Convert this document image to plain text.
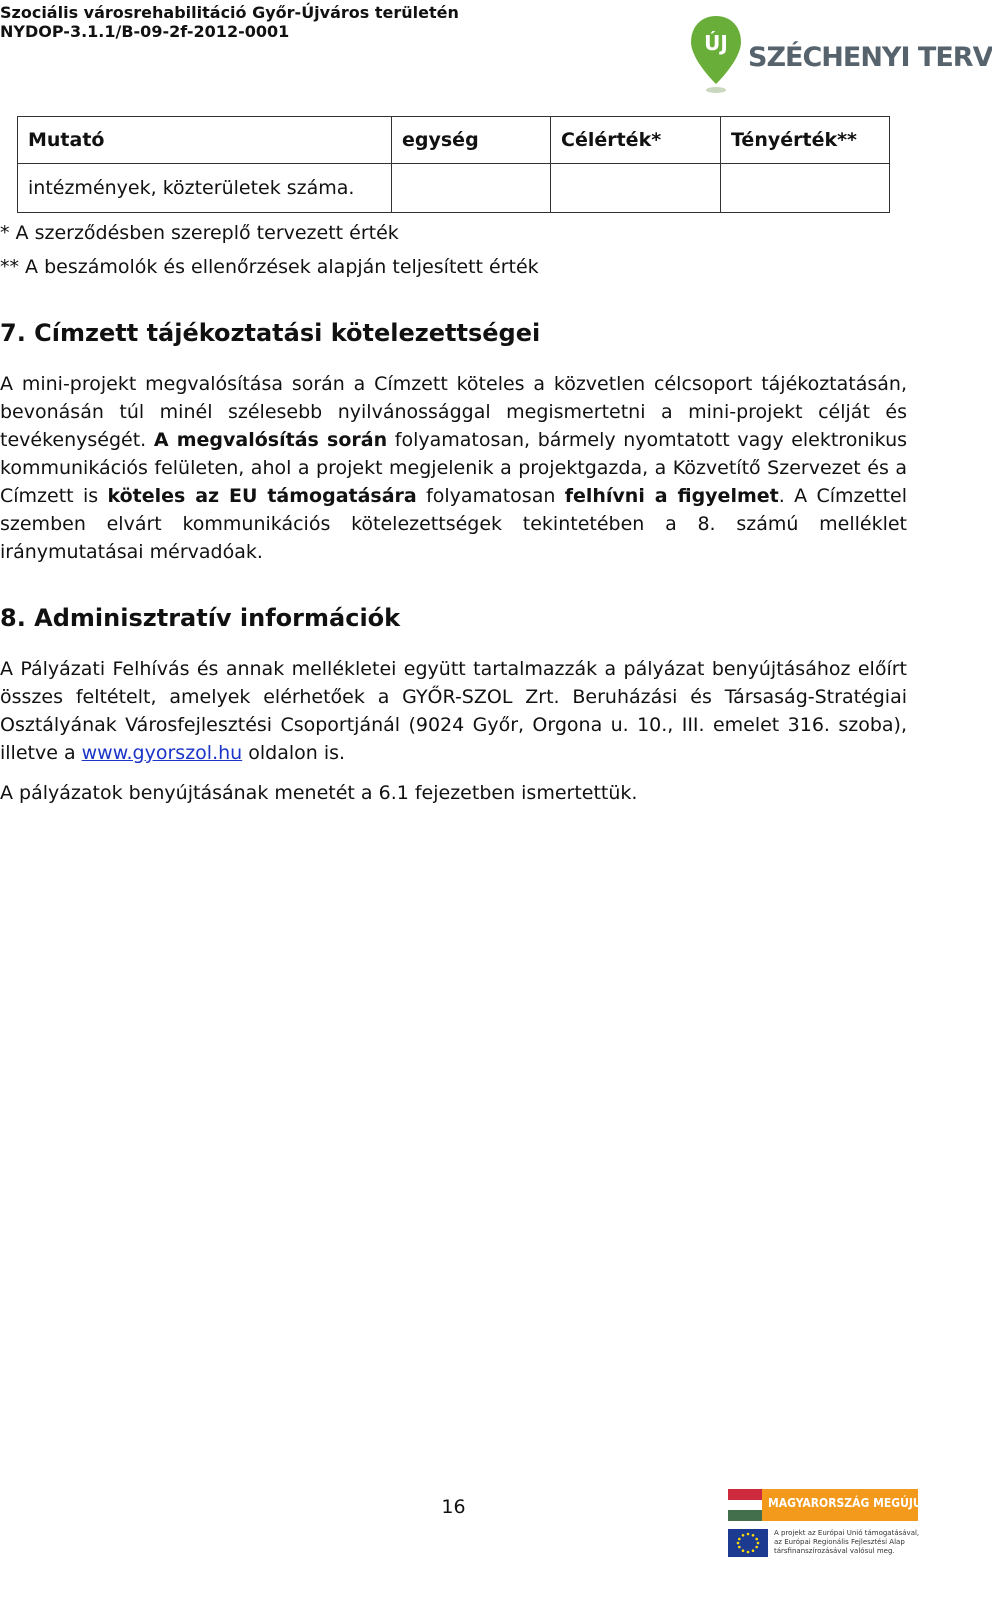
Szociális városrehabilitáció Győr-Újváros területén
NYDOP-3.1.1/B-09-2f-2012-0001	ÚJ SZÉCHENYI TERV
Mutató	egység	Célérték*	Tényérték**
intézmények, közterületek száma.			
* A szerződésben szereplő tervezett érték
** A beszámolók és ellenőrzések alapján teljesített érték
7. Címzett tájékoztatási kötelezettségei

A mini-projekt megvalósítása során a Címzett köteles a közvetlen célcsoport tájékoztatásán, bevonásán túl minél szélesebb nyilvánossággal megismertetni a mini-projekt célját és tevékenységét. A megvalósítás során folyamatosan, bármely nyomtatott vagy elektronikus kommunikációs felületen, ahol a projekt megjelenik a projektgazda, a Közvetítő Szervezet és a Címzett is köteles az EU támogatására folyamatosan felhívni a figyelmet. A Címzettel szemben elvárt kommunikációs kötelezettségek tekintetében a 8. számú melléklet iránymutatásai mérvadóak.

8. Adminisztratív információk

A Pályázati Felhívás és annak mellékletei együtt tartalmazzák a pályázat benyújtásához előírt összes feltételt, amelyek elérhetőek a GYŐR-SZOL Zrt. Beruházási és Társaság-Stratégiai Osztályának Városfejlesztési Csoportjánál (9024 Győr, Orgona u. 10., III. emelet 316. szoba), illetve a www.gyorszol.hu oldalon is.

A pályázatok benyújtásának menetét a 6.1 fejezetben ismertettük.

16	MAGYARORSZÁG MEGÚJUL
A projekt az Európai Unió támogatásával,
az Európai Regionális Fejlesztési Alap
társfinanszírozásával valósul meg.
